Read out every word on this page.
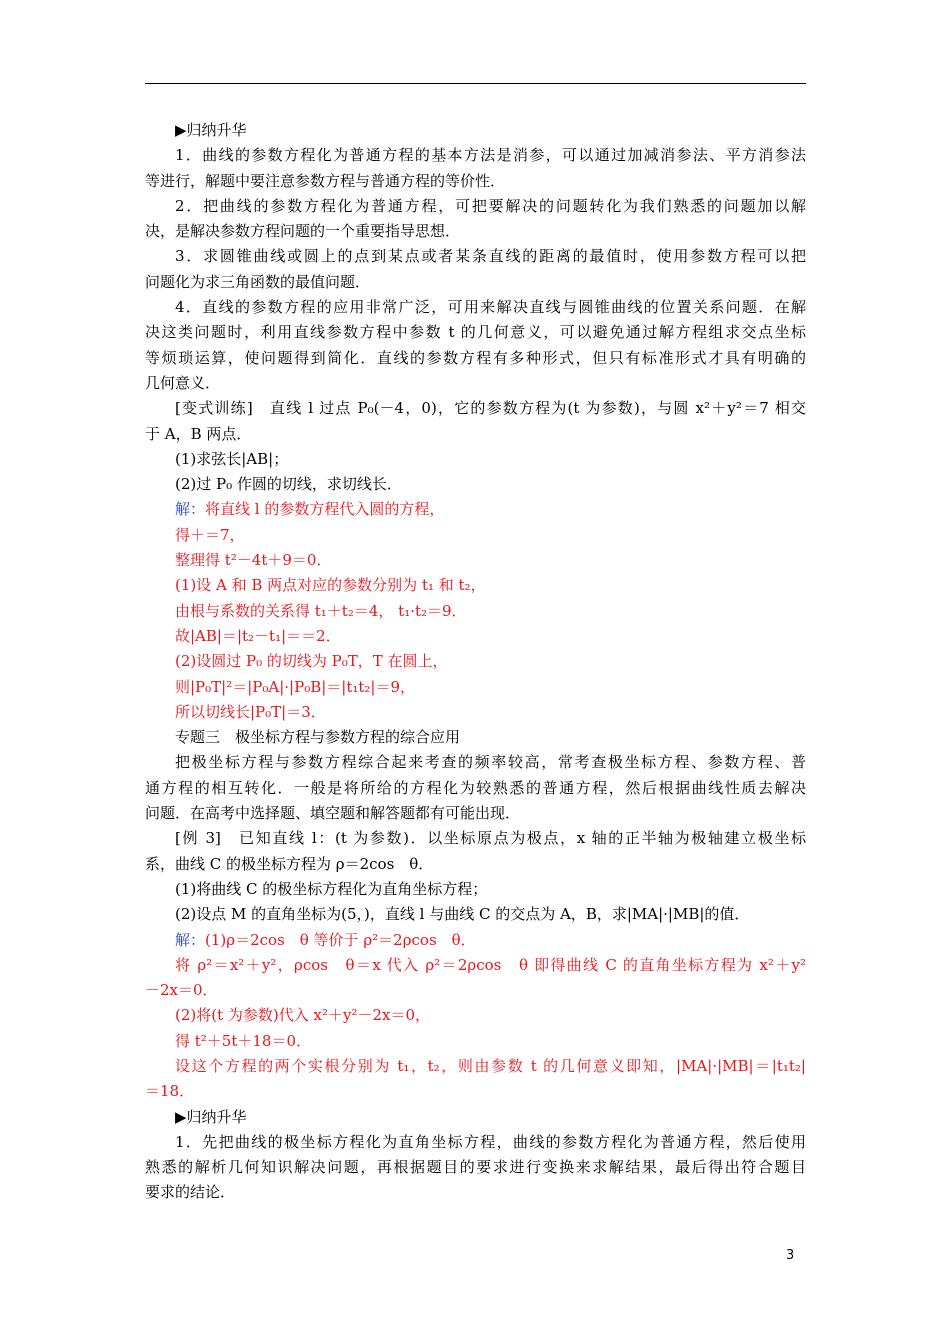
▶归纳升华
1．曲线的参数方程化为普通方程的基本方法是消参，可以通过加减消参法、平方消参法
等进行，解题中要注意参数方程与普通方程的等价性．
2．把曲线的参数方程化为普通方程，可把要解决的问题转化为我们熟悉的问题加以解
决，是解决参数方程问题的一个重要指导思想．
3．求圆锥曲线或圆上的点到某点或者某条直线的距离的最值时，使用参数方程可以把
问题化为求三角函数的最值问题．
4．直线的参数方程的应用非常广泛，可用来解决直线与圆锥曲线的位置关系问题．在解
决这类问题时，利用直线参数方程中参数 t 的几何意义，可以避免通过解方程组求交点坐标
等烦琐运算，使问题得到简化．直线的参数方程有多种形式，但只有标准形式才具有明确的
几何意义．
[变式训练]　直线 l 过点 P₀(－4，0)，它的参数方程为(t 为参数)，与圆 x²＋y²＝7 相交
于 A，B 两点．
(1)求弦长|AB|；
(2)过 P₀ 作圆的切线，求切线长．
解：将直线 l 的参数方程代入圆的方程，
得＋＝7，
整理得 t²－4t＋9＝0．
(1)设 A 和 B 两点对应的参数分别为 t₁ 和 t₂，
由根与系数的关系得 t₁＋t₂＝4， t₁·t₂＝9．
故|AB|＝|t₂－t₁|＝＝2．
(2)设圆过 P₀ 的切线为 P₀T，T 在圆上，
则|P₀T|²＝|P₀A|·|P₀B|＝|t₁t₂|＝9，
所以切线长|P₀T|＝3．
专题三　极坐标方程与参数方程的综合应用
把极坐标方程与参数方程综合起来考查的频率较高，常考查极坐标方程、参数方程、普
通方程的相互转化．一般是将所给的方程化为较熟悉的普通方程，然后根据曲线性质去解决
问题．在高考中选择题、填空题和解答题都有可能出现．
[例 3]　已知直线 l：(t 为参数)．以坐标原点为极点，x 轴的正半轴为极轴建立极坐标
系，曲线 C 的极坐标方程为 ρ＝2cos　θ．
(1)将曲线 C 的极坐标方程化为直角坐标方程；
(2)设点 M 的直角坐标为(5，)，直线 l 与曲线 C 的交点为 A，B，求|MA|·|MB|的值．
解：(1)ρ＝2cos　θ 等价于 ρ²＝2ρcos　θ．
将 ρ²＝x²＋y²，ρcos　θ＝x 代入 ρ²＝2ρcos　θ 即得曲线 C 的直角坐标方程为 x²＋y²
－2x＝0．
(2)将(t 为参数)代入 x²＋y²－2x＝0，
得 t²＋5t＋18＝0．
设这个方程的两个实根分别为 t₁，t₂，则由参数 t 的几何意义即知，|MA|·|MB|＝|t₁t₂|
＝18．
▶归纳升华
1．先把曲线的极坐标方程化为直角坐标方程，曲线的参数方程化为普通方程，然后使用
熟悉的解析几何知识解决问题，再根据题目的要求进行变换来求解结果，最后得出符合题目
要求的结论．
3
